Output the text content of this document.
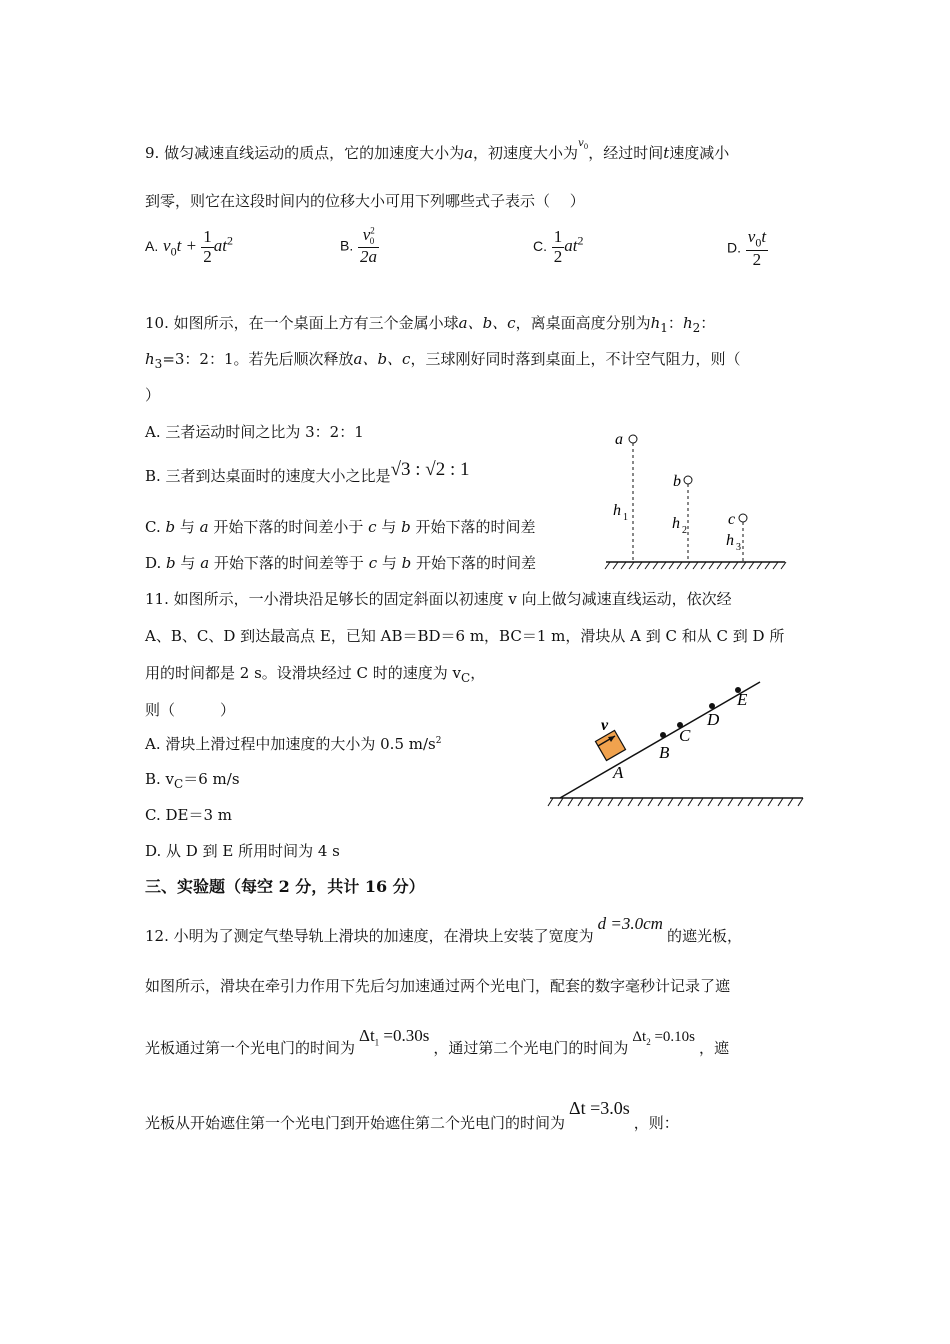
9. 做匀减速直线运动的质点，它的加速度大小为a，初速度大小为$^{v_0}$，经过时间t速度减小
到零，则它在这段时间内的位移大小可用下列哪些式子表示（　 ）
A. $v_0t + \frac{1}{2} at^2$	B. $\frac{v^2_0}{2a}$	C. $\frac{1}{2} at^2$	D. $\frac{v_0t}{2}$
10. 如图所示，在一个桌面上方有三个金属小球a、b、c，离桌面高度分别为$h_1$：$h_2$：
$h_3=3$：2：1。若先后顺次释放a、b、c，三球刚好同时落到桌面上，不计空气阻力，则（
）
A. 三者运动时间之比为 3：2：1
B. 三者到达桌面时的速度大小之比是√3 : √2 : 1
C. b 与 a 开始下落的时间差小于 c 与 b 开始下落的时间差
D. b 与 a 开始下落的时间差等于 c 与 b 开始下落的时间差
a
b
c
h 1	h 2
h 3
11. 如图所示，一小滑块沿足够长的固定斜面以初速度 v 向上做匀减速直线运动，依次经
A、B、C、D 到达最高点 E，已知 AB＝BD＝6 m，BC＝1 m，滑块从 A 到 C 和从 C 到 D 所
用的时间都是 2 s。设滑块经过 C 时的速度为 $v_C$，
则（　　　）
A. 滑块上滑过程中加速度的大小为 0.5 $m/s^2$
B. $v_C=6$ m/s
C. DE＝3 m
D. 从 D 到 E 所用时间为 4 s
v
A
B
C
D
E
三、实验题（每空 2 分，共计 16 分）
12. 小明为了测定气垫导轨上滑块的加速度，在滑块上安装了宽度为d =3.0cm的遮光板，
如图所示，滑块在牵引力作用下先后匀加速通过两个光电门，配套的数字毫秒计记录了遮
光板通过第一个光电门的时间为$\Delta t_1 =0.30s$，通过第二个光电门的时间为$\Delta t_2 =0.10s$，遮
光板从开始遮住第一个光电门到开始遮住第二个光电门的时间为Δt =3.0s，则：
